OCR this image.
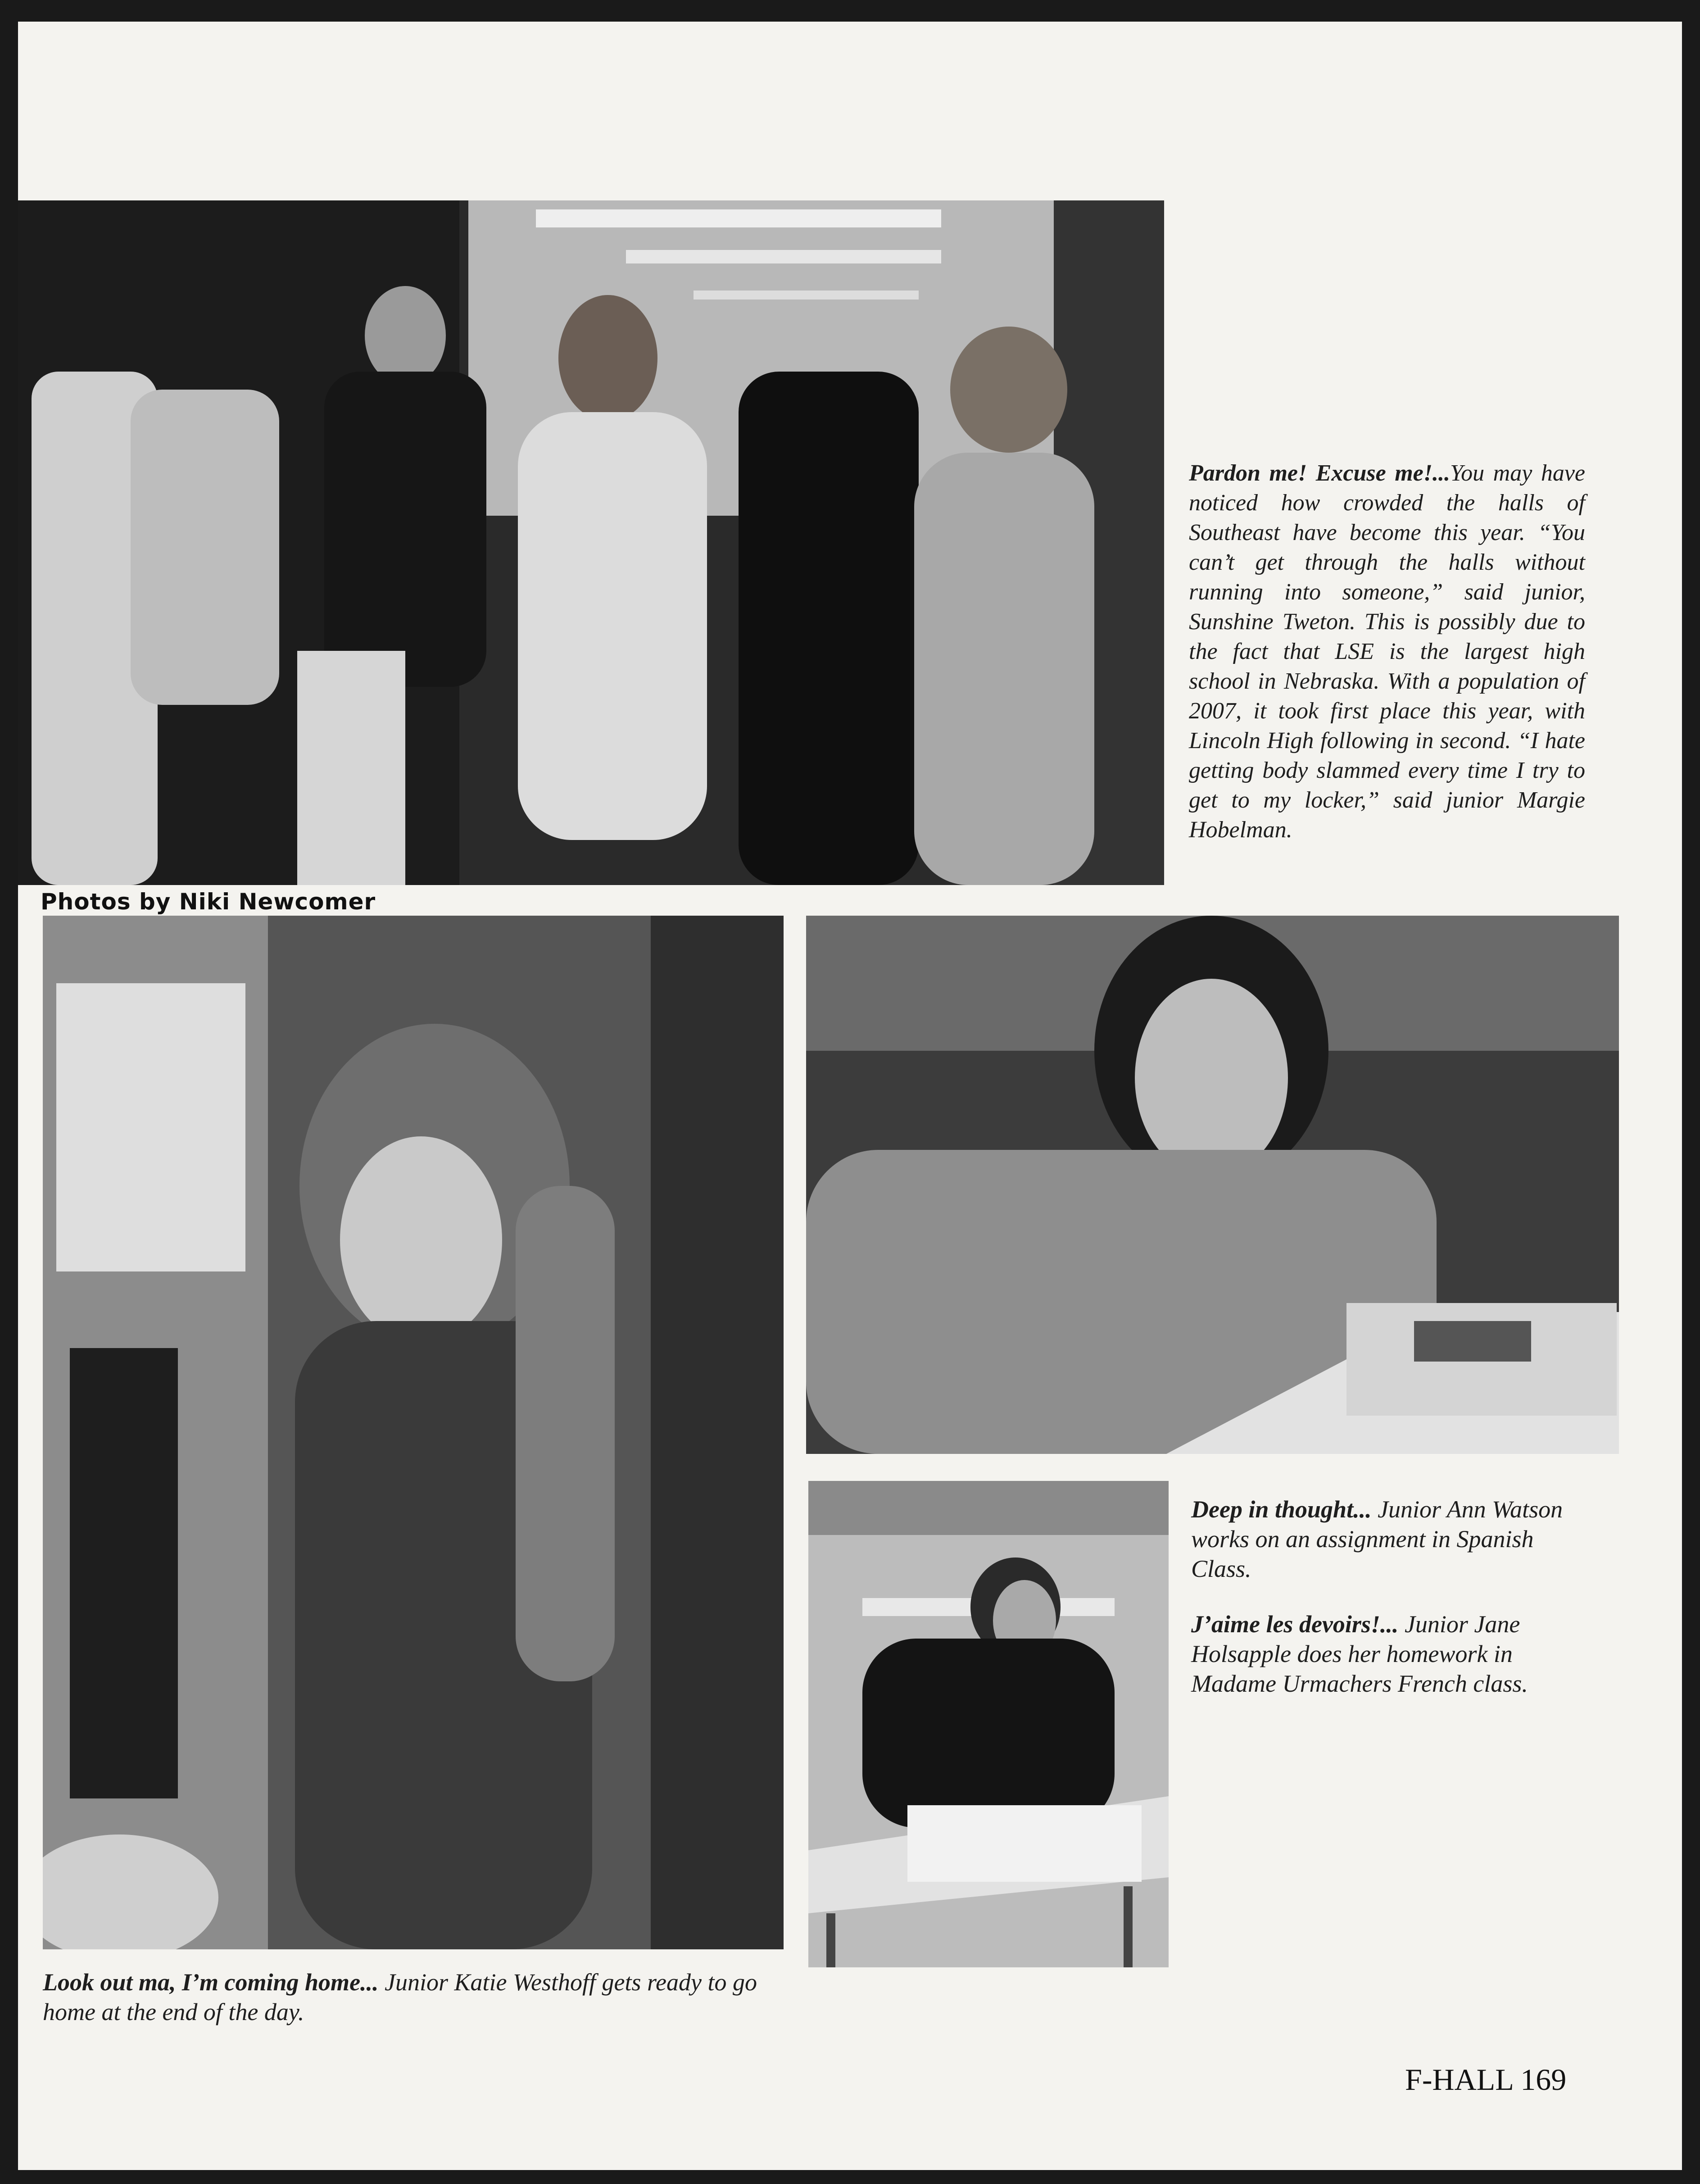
Pardon me! Excuse me!...You may have noticed how crowded the halls of Southeast have become this year. “You can’t get through the halls without running into someone,” said junior, Sunshine Tweton. This is possibly due to the fact that LSE is the largest high school in Nebraska. With a population of 2007, it took first place this year, with Lincoln High following in second. “I hate getting body slammed every time I try to get to my locker,” said junior Margie Hobelman.
Photos by Niki Newcomer
Look out ma, I’m coming home... Junior Katie Westhoff gets ready to go home at the end of the day.
Deep in thought... Junior Ann Watson works on an assignment in Spanish Class.
J’aime les devoirs!... Junior Jane Holsapple does her homework in Madame Urmachers French class.
F-HALL 169
